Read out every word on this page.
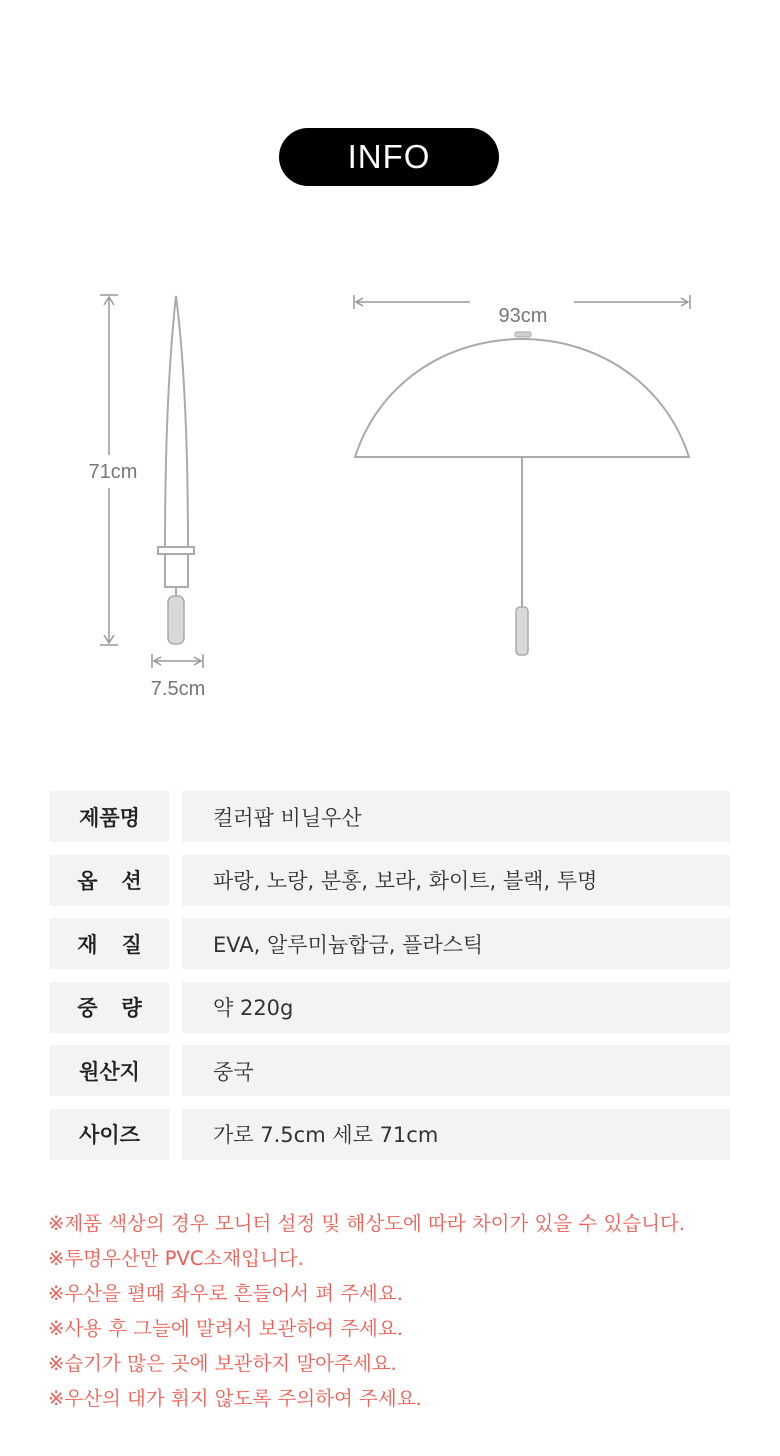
INFO
71cm
7.5cm
93cm
제품명	컬러팝 비닐우산
옵션	파랑, 노랑, 분홍, 보라, 화이트, 블랙, 투명
재질	EVA, 알루미늄합금, 플라스틱
중량	약 220g
원산지	중국
사이즈	가로 7.5cm 세로 71cm
※제품 색상의 경우 모니터 설정 및 해상도에 따라 차이가 있을 수 있습니다.
※투명우산만 PVC소재입니다.
※우산을 펼때 좌우로 흔들어서 펴 주세요.
※사용 후 그늘에 말려서 보관하여 주세요.
※습기가 많은 곳에 보관하지 말아주세요.
※우산의 대가 휘지 않도록 주의하여 주세요.
